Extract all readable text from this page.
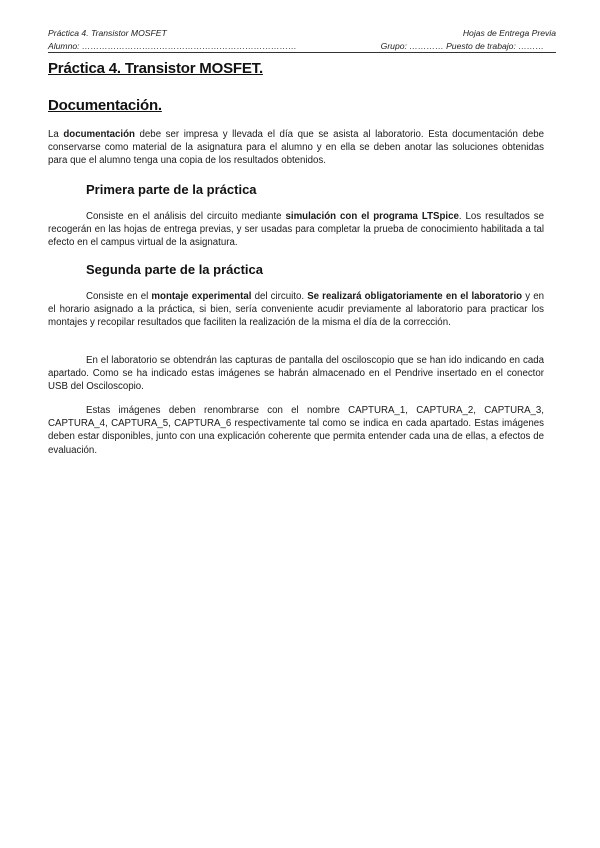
Práctica 4. Transistor MOSFET	Hojas de Entrega Previa
Alumno: …………………………………………………………………	Grupo: ………… Puesto de trabajo: ………
Práctica 4. Transistor MOSFET.
Documentación.
La documentación debe ser impresa y llevada el día que se asista al laboratorio. Esta documentación debe conservarse como material de la asignatura para el alumno y en ella se deben anotar las soluciones obtenidas para que el alumno tenga una copia de los resultados obtenidos.
Primera parte de la práctica
Consiste en el análisis del circuito mediante simulación con el programa LTSpice. Los resultados se recogerán en las hojas de entrega previas, y ser usadas para completar la prueba de conocimiento habilitada a tal efecto en el campus virtual de la asignatura.
Segunda parte de la práctica
Consiste en el montaje experimental del circuito. Se realizará obligatoriamente en el laboratorio y en el horario asignado a la práctica, si bien, sería conveniente acudir previamente al laboratorio para practicar los montajes y recopilar resultados que faciliten la realización de la misma el día de la corrección.
En el laboratorio se obtendrán las capturas de pantalla del osciloscopio que se han ido indicando en cada apartado. Como se ha indicado estas imágenes se habrán almacenado en el Pendrive insertado en el conector USB del Osciloscopio.
Estas imágenes deben renombrarse con el nombre CAPTURA_1, CAPTURA_2, CAPTURA_3, CAPTURA_4, CAPTURA_5, CAPTURA_6 respectivamente tal como se indica en cada apartado. Estas imágenes deben estar disponibles, junto con una explicación coherente que permita entender cada una de ellas, a efectos de evaluación.
